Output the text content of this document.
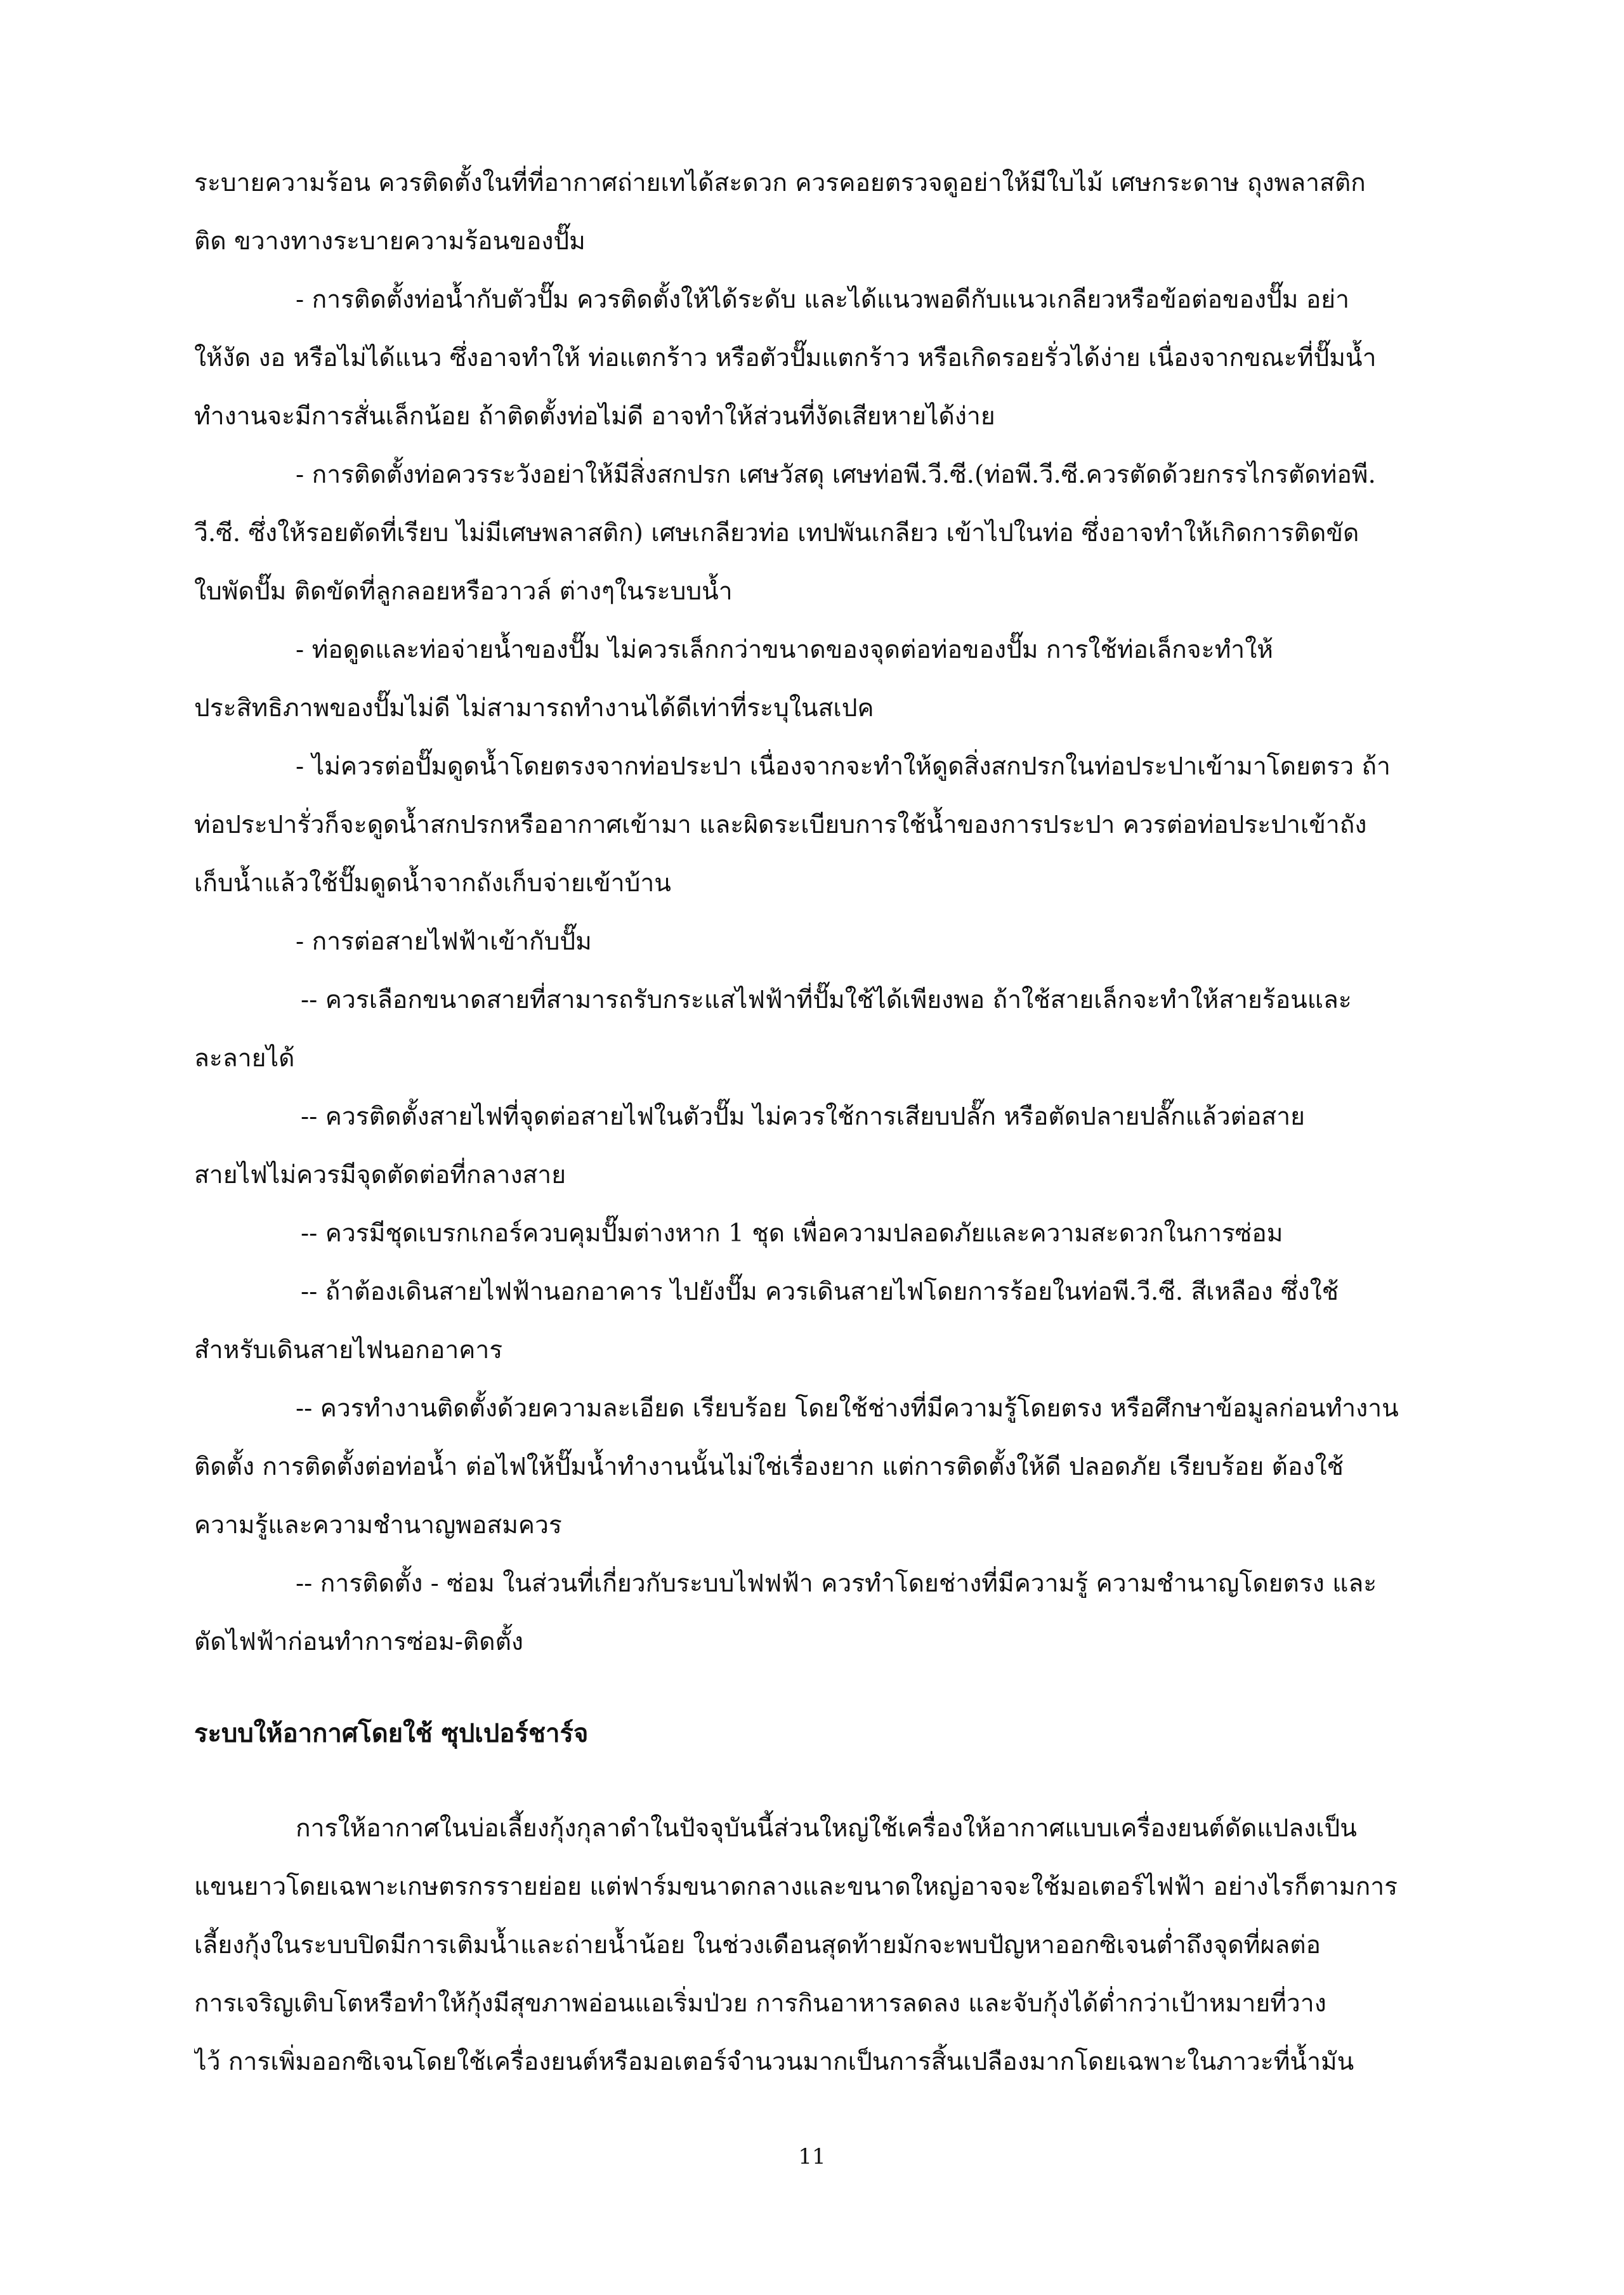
ระบายความร้อน ควรติดตั้งในที่ที่อากาศถ่ายเทได้สะดวก ควรคอยตรวจดูอย่าให้มีใบไม้ เศษกระดาษ ถุงพลาสติก
ติด ขวางทางระบายความร้อนของปั๊ม
- การติดตั้งท่อน้ำกับตัวปั๊ม ควรติดตั้งให้ได้ระดับ และได้แนวพอดีกับแนวเกลียวหรือข้อต่อของปั๊ม อย่า
ให้งัด งอ หรือไม่ได้แนว ซึ่งอาจทำให้ ท่อแตกร้าว หรือตัวปั๊มแตกร้าว หรือเกิดรอยรั่วได้ง่าย เนื่องจากขณะที่ปั๊มน้ำ
ทำงานจะมีการสั่นเล็กน้อย ถ้าติดตั้งท่อไม่ดี อาจทำให้ส่วนที่งัดเสียหายได้ง่าย
- การติดตั้งท่อควรระวังอย่าให้มีสิ่งสกปรก เศษวัสดุ เศษท่อพี.วี.ซี.(ท่อพี.วี.ซี.ควรตัดด้วยกรรไกรตัดท่อพี.
วี.ซี. ซึ่งให้รอยตัดที่เรียบ ไม่มีเศษพลาสติก) เศษเกลียวท่อ เทปพันเกลียว เข้าไปในท่อ ซึ่งอาจทำให้เกิดการติดขัด
ใบพัดปั๊ม ติดขัดที่ลูกลอยหรือวาวล์ ต่างๆในระบบน้ำ
- ท่อดูดและท่อจ่ายน้ำของปั๊ม ไม่ควรเล็กกว่าขนาดของจุดต่อท่อของปั๊ม การใช้ท่อเล็กจะทำให้
ประสิทธิภาพของปั๊มไม่ดี ไม่สามารถทำงานได้ดีเท่าที่ระบุในสเปค
- ไม่ควรต่อปั๊มดูดน้ำโดยตรงจากท่อประปา เนื่องจากจะทำให้ดูดสิ่งสกปรกในท่อประปาเข้ามาโดยตรว ถ้า
ท่อประปารั่วก็จะดูดน้ำสกปรกหรืออากาศเข้ามา และผิดระเบียบการใช้น้ำของการประปา ควรต่อท่อประปาเข้าถัง
เก็บน้ำแล้วใช้ปั๊มดูดน้ำจากถังเก็บจ่ายเข้าบ้าน
- การต่อสายไฟฟ้าเข้ากับปั๊ม
-- ควรเลือกขนาดสายที่สามารถรับกระแสไฟฟ้าที่ปั๊มใช้ได้เพียงพอ ถ้าใช้สายเล็กจะทำให้สายร้อนและ
ละลายได้
-- ควรติดตั้งสายไฟที่จุดต่อสายไฟในตัวปั๊ม ไม่ควรใช้การเสียบปลั๊ก หรือตัดปลายปลั๊กแล้วต่อสาย
สายไฟไม่ควรมีจุดตัดต่อที่กลางสาย
-- ควรมีชุดเบรกเกอร์ควบคุมปั๊มต่างหาก 1 ชุด เพื่อความปลอดภัยและความสะดวกในการซ่อม
-- ถ้าต้องเดินสายไฟฟ้านอกอาคาร ไปยังปั๊ม ควรเดินสายไฟโดยการร้อยในท่อพี.วี.ซี. สีเหลือง ซึ่งใช้
สำหรับเดินสายไฟนอกอาคาร
-- ควรทำงานติดตั้งด้วยความละเอียด เรียบร้อย โดยใช้ช่างที่มีความรู้โดยตรง หรือศึกษาข้อมูลก่อนทำงาน
ติดตั้ง การติดตั้งต่อท่อน้ำ ต่อไฟให้ปั๊มน้ำทำงานนั้นไม่ใช่เรื่องยาก แต่การติดตั้งให้ดี ปลอดภัย เรียบร้อย ต้องใช้
ความรู้และความชำนาญพอสมควร
-- การติดตั้ง - ซ่อม ในส่วนที่เกี่ยวกับระบบไฟฟฟ้า ควรทำโดยช่างที่มีความรู้ ความชำนาญโดยตรง และ
ตัดไฟฟ้าก่อนทำการซ่อม-ติดตั้ง
ระบบให้อากาศโดยใช้ ซุปเปอร์ชาร์จ
การให้อากาศในบ่อเลี้ยงกุ้งกุลาดำในปัจจุบันนี้ส่วนใหญ่ใช้เครื่องให้อากาศแบบเครื่องยนต์ดัดแปลงเป็น
แขนยาวโดยเฉพาะเกษตรกรรายย่อย แต่ฟาร์มขนาดกลางและขนาดใหญ่อาจจะใช้มอเตอร์ไฟฟ้า อย่างไรก็ตามการ
เลี้ยงกุ้งในระบบปิดมีการเติมน้ำและถ่ายน้ำน้อย ในช่วงเดือนสุดท้ายมักจะพบปัญหาออกซิเจนต่ำถึงจุดที่ผลต่อ
การเจริญเติบโตหรือทำให้กุ้งมีสุขภาพอ่อนแอเริ่มป่วย การกินอาหารลดลง และจับกุ้งได้ต่ำกว่าเป้าหมายที่วาง
ไว้ การเพิ่มออกซิเจนโดยใช้เครื่องยนต์หรือมอเตอร์จำนวนมากเป็นการสิ้นเปลืองมากโดยเฉพาะในภาวะที่น้ำมัน
11
